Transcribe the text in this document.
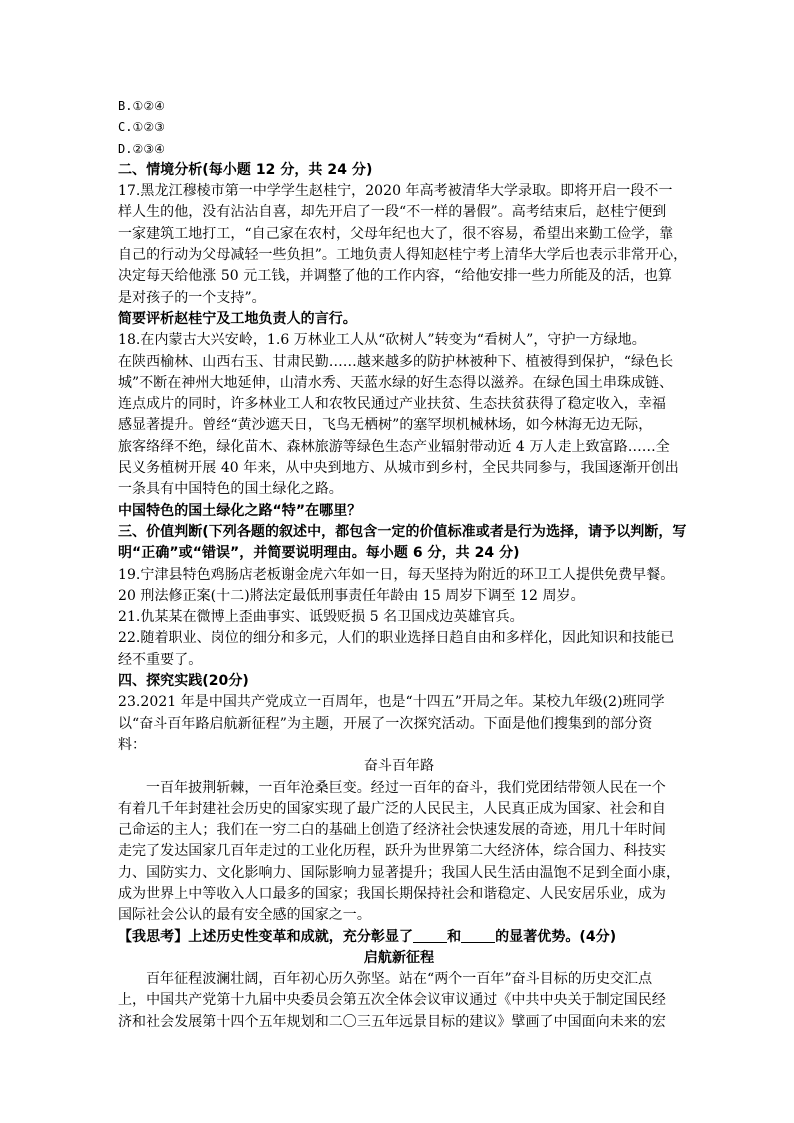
B.①②④
C.①②③
D.②③④
二、情境分析(每小题 12 分，共 24 分)
17.黑龙江穆棱市第一中学学生赵桂宁，2020 年高考被清华大学录取。即将开启一段不一
样人生的他，没有沾沾自喜，却先开启了一段“不一样的暑假”。高考结束后，赵桂宁便到
一家建筑工地打工，“自己家在农村，父母年纪也大了，很不容易，希望出来勤工俭学，靠
自己的行动为父母减轻一些负担”。工地负责人得知赵桂宁考上清华大学后也表示非常开心，
决定每天给他涨 50 元工钱，并调整了他的工作内容，“给他安排一些力所能及的活，也算
是对孩子的一个支持”。
简要评析赵桂宁及工地负责人的言行。
18.在内蒙古大兴安岭，1.6 万林业工人从“砍树人”转变为“看树人”，守护一方绿地。
在陕西榆林、山西右玉、甘肃民勤……越来越多的防护林被种下、植被得到保护，“绿色长
城”不断在神州大地延伸，山清水秀、天蓝水绿的好生态得以滋养。在绿色国土串珠成链、
连点成片的同时，许多林业工人和农牧民通过产业扶贫、生态扶贫获得了稳定收入，幸福
感显著提升。曾经“黄沙遮天日，飞鸟无栖树”的塞罕坝机械林场，如今林海无边无际，
旅客络绎不绝，绿化苗木、森林旅游等绿色生态产业辐射带动近 4 万人走上致富路……全
民义务植树开展 40 年来，从中央到地方、从城市到乡村，全民共同参与，我国逐渐开创出
一条具有中国特色的国土绿化之路。
中国特色的国土绿化之路“特”在哪里？
三、价值判断(下列各题的叙述中，都包含一定的价值标准或者是行为选择，请予以判断，写
明“正确”或“错误”，并简要说明理由。每小题 6 分，共 24 分)
19.宁津县特色鸡肠店老板谢金虎六年如一日，每天坚持为附近的环卫工人提供免费早餐。
20 刑法修正案(十二)將法定最低刑事责任年龄由 15 周岁下调至 12 周岁。
21.仇某某在微博上歪曲事实、诋毁贬损 5 名卫国戍边英雄官兵。
22.随着职业、岗位的细分和多元，人们的职业选择日趋自由和多样化，因此知识和技能已
经不重要了。
四、探究实践(20分)
23.2021 年是中国共产党成立一百周年，也是“十四五”开局之年。某校九年级(2)班同学
以“奋斗百年路启航新征程”为主题，开展了一次探究活动。下面是他们搜集到的部分资
料：
奋斗百年路
一百年披荆斩棘，一百年沧桑巨变。经过一百年的奋斗，我们党团结带领人民在一个
有着几千年封建社会历史的国家实现了最广泛的人民民主，人民真正成为国家、社会和自
己命运的主人；我们在一穷二白的基础上创造了经济社会快速发展的奇迹，用几十年时间
走完了发达国家几百年走过的工业化历程，跃升为世界第二大经济体，综合国力、科技实
力、国防实力、文化影响力、国际影响力显著提升；我国人民生活由温饱不足到全面小康，
成为世界上中等收入人口最多的国家；我国长期保持社会和谐稳定、人民安居乐业，成为
国际社会公认的最有安全感的国家之一。
【我思考】上述历史性变革和成就，充分彰显了 和 的显著优势。(4分)
启航新征程
百年征程波澜壮阔，百年初心历久弥坚。站在“两个一百年”奋斗目标的历史交汇点
上，中国共产党第十九届中央委员会第五次全体会议审议通过《中共中央关于制定国民经
济和社会发展第十四个五年规划和二〇三五年远景目标的建议》擘画了中国面向未来的宏
